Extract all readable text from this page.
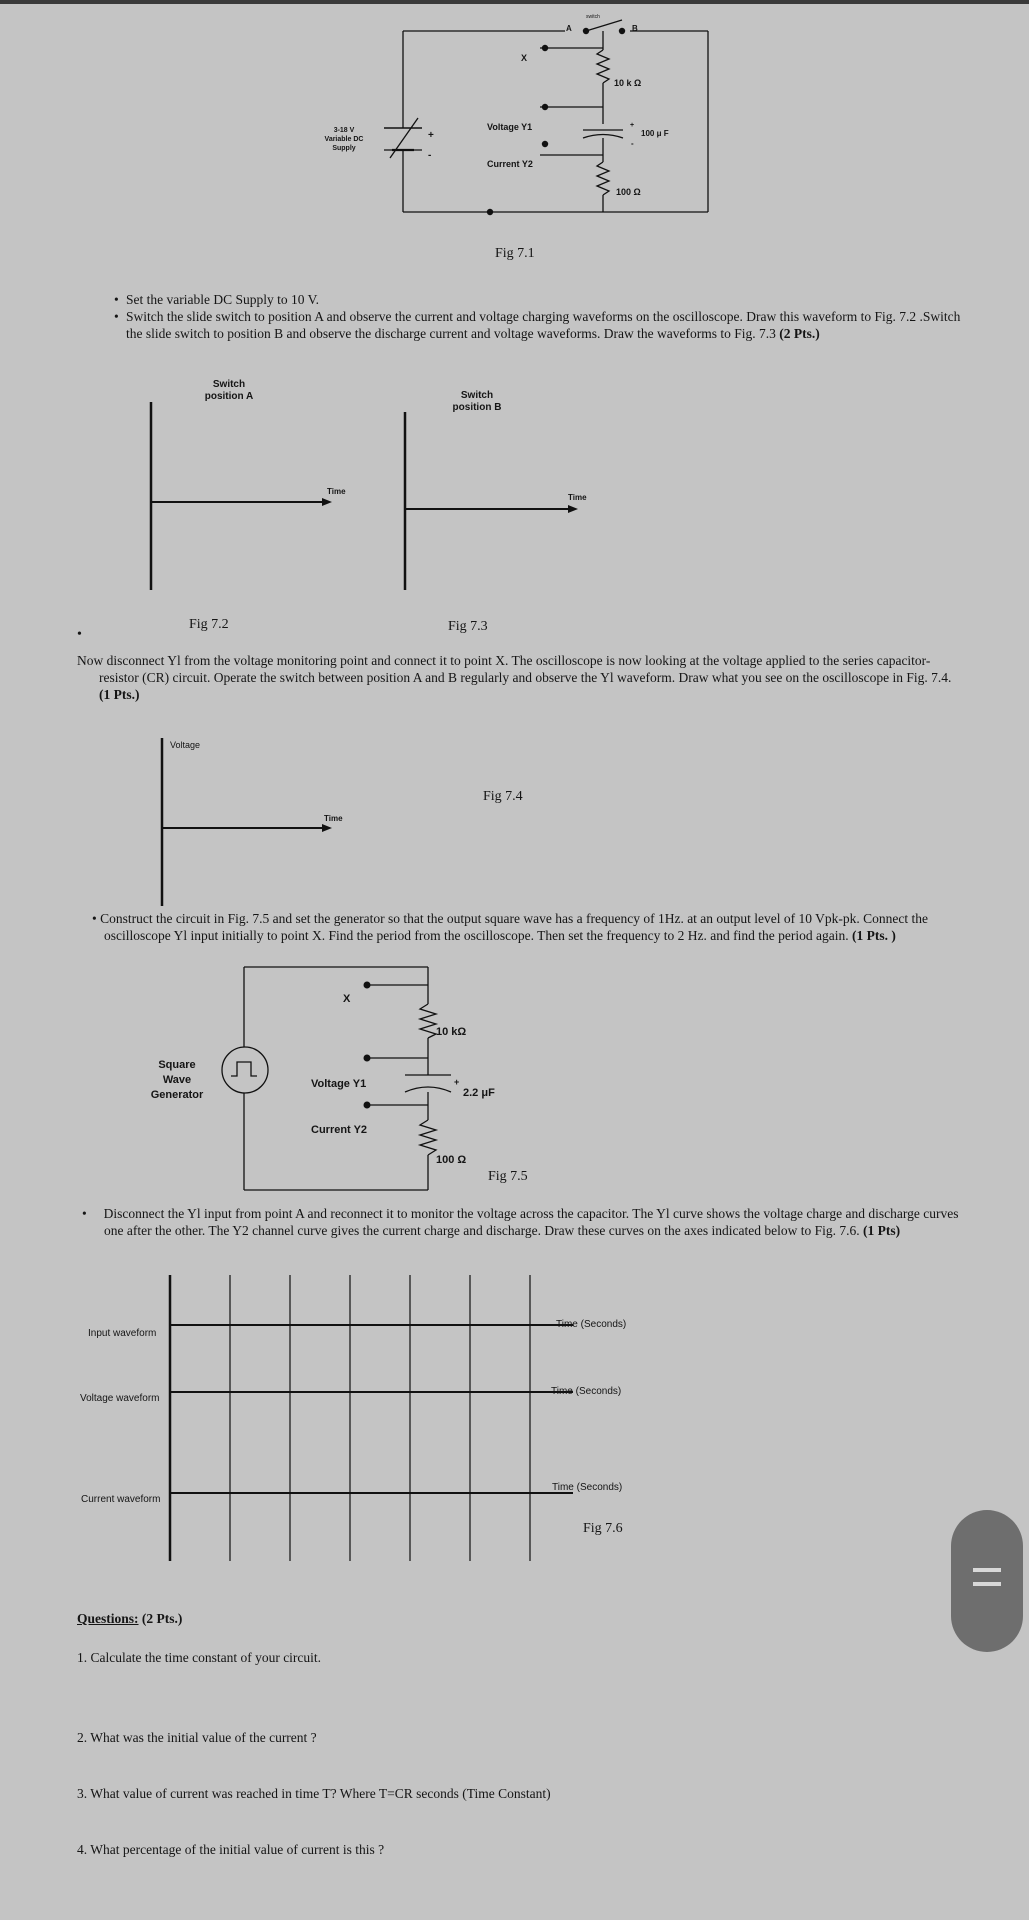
switch
A	B
X
10 k Ω
3-18 V
Variable DC
Supply
+
-
Voltage Y1
Current Y2
+
-
100 μ F
100 Ω
Fig 7.1
• Set the variable DC Supply to 10 V.
• Switch the slide switch to position A and observe the current and voltage charging waveforms on the oscilloscope. Draw this waveform to Fig. 7.2 .Switch the slide switch to position B and observe the discharge current and voltage waveforms. Draw the waveforms to Fig. 7.3 (2 Pts.)
Switch
position A	Switch
position B
Time
Time
Fig 7.2	Fig 7.3
•
Now disconnect Yl from the voltage monitoring point and connect it to point X. The oscilloscope is now looking at the voltage applied to the series capacitor-resistor (CR) circuit. Operate the switch between position A and B regularly and observe the Yl waveform. Draw what you see on the oscilloscope in Fig. 7.4. (1 Pts.)
Voltage
Time
Fig 7.4
• Construct the circuit in Fig. 7.5 and set the generator so that the output square wave has a frequency of 1Hz. at an output level of 10 Vpk-pk. Connect the oscilloscope Yl input initially to point X. Find the period from the oscilloscope. Then set the frequency to 2 Hz. and find the period again. (1 Pts. )
X
10 kΩ
Square
Wave
Generator
Voltage Y1
Current Y2
+
2.2 μF
100 Ω
Fig 7.5
•     Disconnect the Yl input from point A and reconnect it to monitor the voltage across the capacitor. The Yl curve shows the voltage charge and discharge curves one after the other. The Y2 channel curve gives the current charge and discharge. Draw these curves on the axes indicated below to Fig. 7.6. (1 Pts)
Input waveform
Voltage waveform
Current waveform
Time (Seconds)
Time (Seconds)
Time (Seconds)
Fig 7.6
Questions: (2 Pts.)
1. Calculate the time constant of your circuit.
2. What was the initial value of the current ?
3. What value of current was reached in time T? Where T=CR seconds (Time Constant)
4. What percentage of the initial value of current is this ?
